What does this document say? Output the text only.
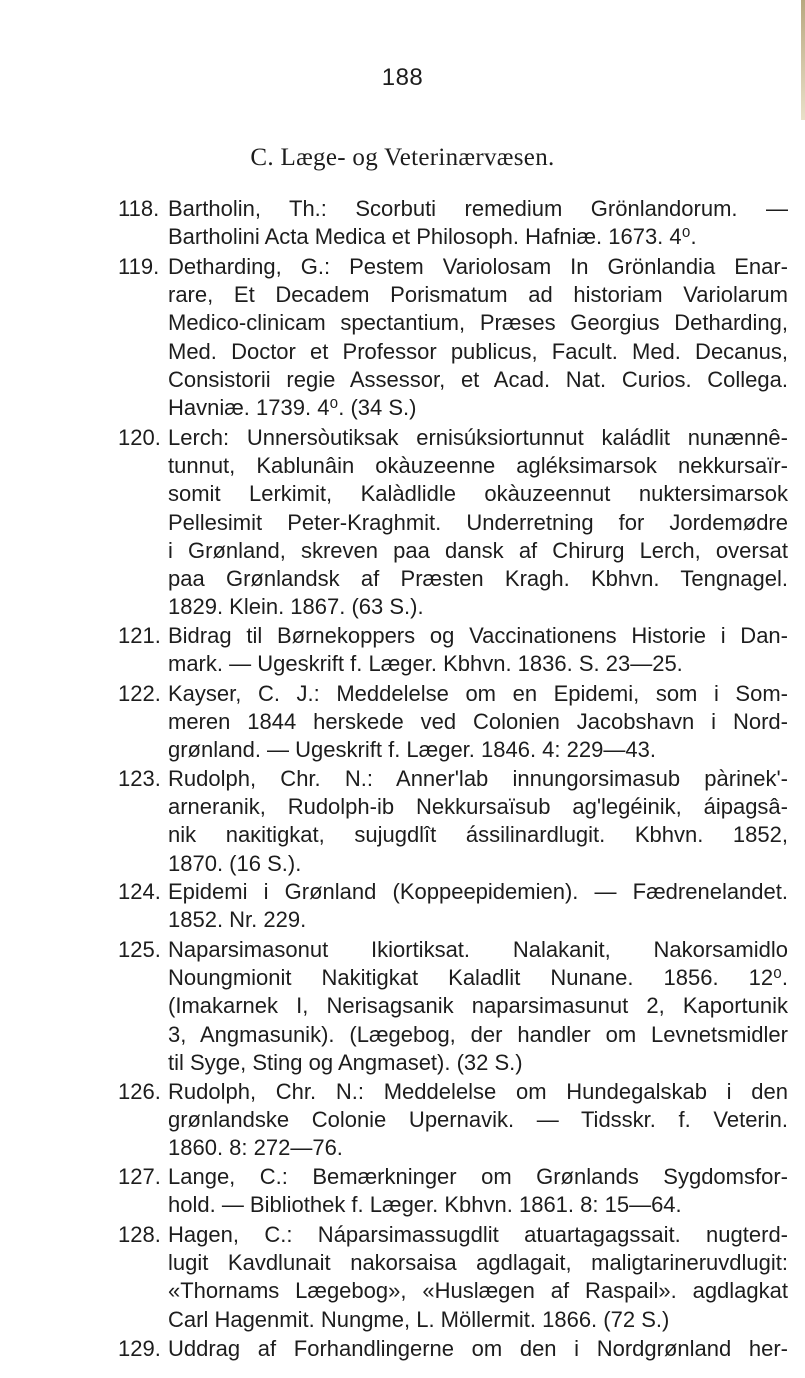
188
C. Læge- og Veterinærvæsen.
118. Bartholin, Th.: Scorbuti remedium Grönlandorum. —
Bartholini Acta Medica et Philosoph. Hafniæ. 1673. 4⁰.
119. Detharding, G.: Pestem Variolosam In Grönlandia Enar-
rare, Et Decadem Porismatum ad historiam Variolarum
Medico-clinicam spectantium, Præses Georgius Detharding,
Med. Doctor et Professor publicus, Facult. Med. Decanus,
Consistorii regie Assessor, et Acad. Nat. Curios. Collega.
Havniæ. 1739. 4⁰. (34 S.)
120. Lerch: Unnersòutiksak ernisúksiortunnut kaládlit nunænnê-
tunnut, Kablunâin okàuzeenne agléksimarsok nekkursaïr-
somit Lerkimit, Kalàdlidle okàuzeennut nuktersimarsok
Pellesimit Peter-Kraghmit. Underretning for Jordemødre
i Grønland, skreven paa dansk af Chirurg Lerch, oversat
paa Grønlandsk af Præsten Kragh. Kbhvn. Tengnagel.
1829. Klein. 1867. (63 S.).
121. Bidrag til Børnekoppers og Vaccinationens Historie i Dan-
mark. — Ugeskrift f. Læger. Kbhvn. 1836. S. 23—25.
122. Kayser, C. J.: Meddelelse om en Epidemi, som i Som-
meren 1844 herskede ved Colonien Jacobshavn i Nord-
grønland. — Ugeskrift f. Læger. 1846. 4: 229—43.
123. Rudolph, Chr. N.: Anner'lab innungorsimasub pàrinek'-
arneranik, Rudolph-ib Nekkursaïsub ag'legéinik, áipagsâ-
nik naĸitigkat, sujugdlît ássilinardlugit. Kbhvn. 1852,
1870. (16 S.).
124. Epidemi i Grønland (Koppeepidemien). — Fædrenelandet.
1852. Nr. 229.
125. Naparsimasonut Ikiortiksat. Nalakanit, Nakorsamidlo
Noungmionit Nakitigkat Kaladlit Nunane. 1856. 12⁰.
(Imakarnek I, Nerisagsanik naparsimasunut 2, Kaportunik
3, Angmasunik). (Lægebog, der handler om Levnetsmidler
til Syge, Sting og Angmaset). (32 S.)
126. Rudolph, Chr. N.: Meddelelse om Hundegalskab i den
grønlandske Colonie Upernavik. — Tidsskr. f. Veterin.
1860. 8: 272—76.
127. Lange, C.: Bemærkninger om Grønlands Sygdomsfor-
hold. — Bibliothek f. Læger. Kbhvn. 1861. 8: 15—64.
128. Hagen, C.: Náparsimassugdlit atuartagagssait. nugterd-
lugit Kavdlunait nakorsaisa agdlagait, maligtarineruvdlugit:
«Thornams Lægebog», «Huslægen af Raspail». agdlagkat
Carl Hagenmit. Nungme, L. Möllermit. 1866. (72 S.)
129. Uddrag af Forhandlingerne om den i Nordgrønland her-
